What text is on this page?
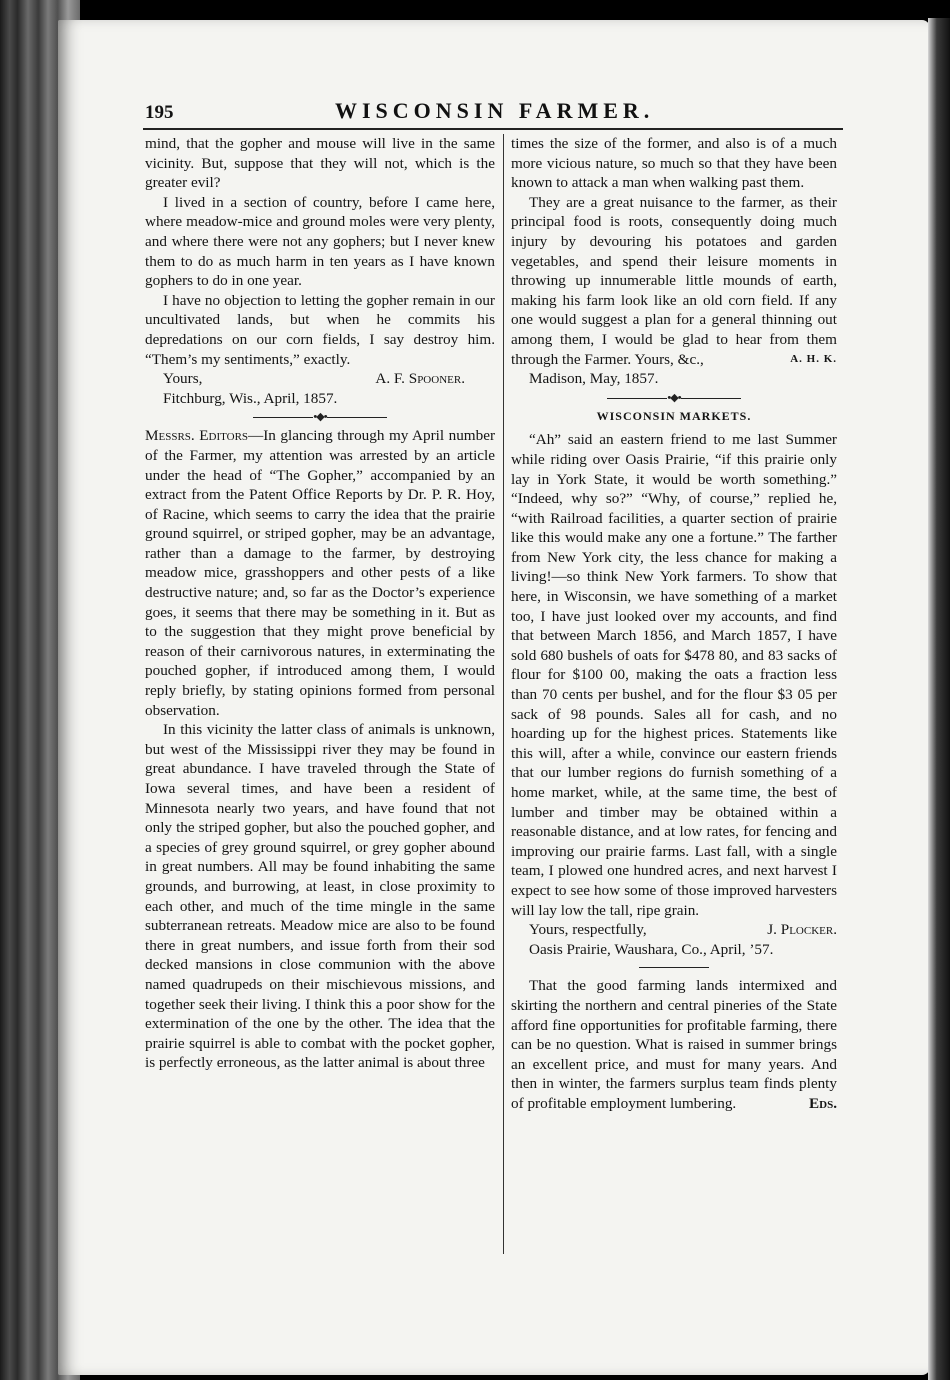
195	WISCONSIN FARMER.

mind, that the gopher and mouse will live in the same vicinity. But, suppose that they will not, which is the greater evil?

I lived in a section of country, before I came here, where meadow-mice and ground moles were very plenty, and where there were not any gophers; but I never knew them to do as much harm in ten years as I have known gophers to do in one year.

I have no objection to letting the gopher remain in our uncultivated lands, but when he commits his depredations on our corn fields, I say destroy him. “Them’s my sentiments,” exactly.

Yours,	A. F. Spooner.

Fitchburg, Wis., April, 1857.

•◆•

Messrs. Editors—In glancing through my April number of the Farmer, my attention was arrested by an article under the head of “The Gopher,” accompanied by an extract from the Patent Office Reports by Dr. P. R. Hoy, of Racine, which seems to carry the idea that the prairie ground squirrel, or striped gopher, may be an advantage, rather than a damage to the farmer, by destroying meadow mice, grasshoppers and other pests of a like destructive nature; and, so far as the Doctor’s experience goes, it seems that there may be something in it. But as to the suggestion that they might prove beneficial by reason of their carnivorous natures, in exterminating the pouched gopher, if introduced among them, I would reply briefly, by stating opinions formed from personal observation.

In this vicinity the latter class of animals is unknown, but west of the Mississippi river they may be found in great abundance. I have traveled through the State of Iowa several times, and have been a resident of Minnesota nearly two years, and have found that not only the striped gopher, but also the pouched gopher, and a species of grey ground squirrel, or grey gopher abound in great numbers. All may be found inhabiting the same grounds, and burrowing, at least, in close proximity to each other, and much of the time mingle in the same subterranean retreats. Meadow mice are also to be found there in great numbers, and issue forth from their sod decked mansions in close communion with the above named quadrupeds on their mischievous missions, and together seek their living. I think this a poor show for the extermination of the one by the other. The idea that the prairie squirrel is able to combat with the pocket gopher, is perfectly erroneous, as the latter animal is about three

times the size of the former, and also is of a much more vicious nature, so much so that they have been known to attack a man when walking past them.

They are a great nuisance to the farmer, as their principal food is roots, consequently doing much injury by devouring his potatoes and garden vegetables, and spend their leisure moments in throwing up innumerable little mounds of earth, making his farm look like an old corn field. If any one would suggest a plan for a general thinning out among them, I would be glad to hear from them through the Farmer. Yours, &c.,	A. H. K.

Madison, May, 1857.

•◆•
WISCONSIN MARKETS.

“Ah” said an eastern friend to me last Summer while riding over Oasis Prairie, “if this prairie only lay in York State, it would be worth something.” “Indeed, why so?” “Why, of course,” replied he, “with Railroad facilities, a quarter section of prairie like this would make any one a fortune.” The farther from New York city, the less chance for making a living!—so think New York farmers. To show that here, in Wisconsin, we have something of a market too, I have just looked over my accounts, and find that between March 1856, and March 1857, I have sold 680 bushels of oats for $478 80, and 83 sacks of flour for $100 00, making the oats a fraction less than 70 cents per bushel, and for the flour $3 05 per sack of 98 pounds. Sales all for cash, and no hoarding up for the highest prices. Statements like this will, after a while, convince our eastern friends that our lumber regions do furnish something of a home market, while, at the same time, the best of lumber and timber may be obtained within a reasonable distance, and at low rates, for fencing and improving our prairie farms. Last fall, with a single team, I plowed one hundred acres, and next harvest I expect to see how some of those improved harvesters will lay low the tall, ripe grain.

Yours, respectfully,	J. Plocker.

Oasis Prairie, Waushara, Co., April, ’57.

That the good farming lands intermixed and skirting the northern and central pineries of the State afford fine opportunities for profitable farming, there can be no question. What is raised in summer brings an excellent price, and must for many years. And then in winter, the farmers surplus team finds plenty of profitable employment lumbering.	Eds.
